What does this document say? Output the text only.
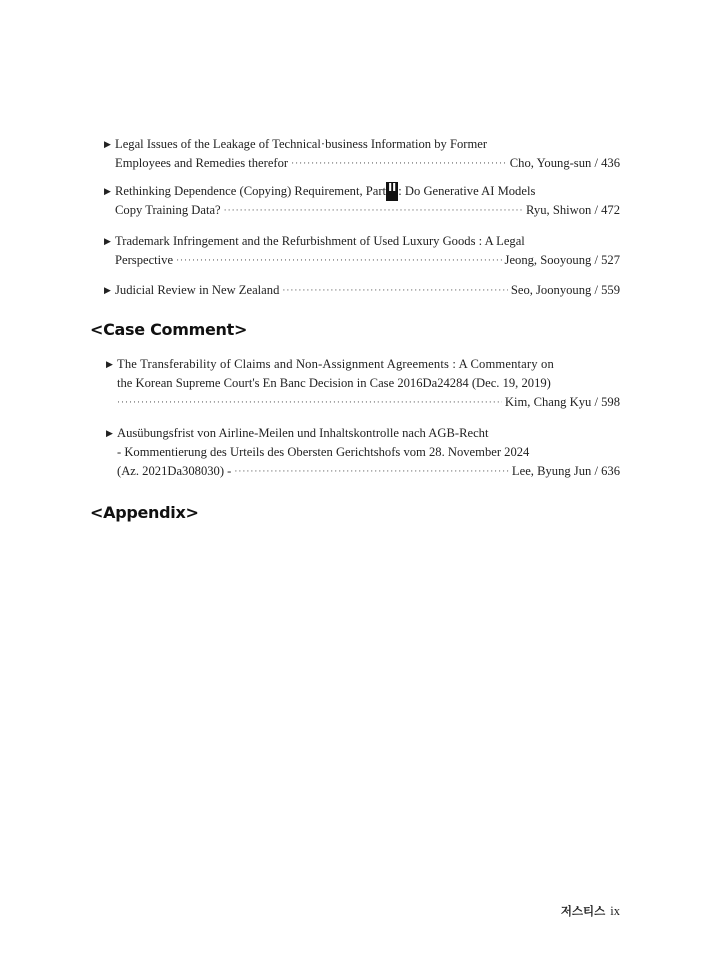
▶ Legal Issues of the Leakage of Technical·business Information by Former
Employees and Remedies therefor ·····	Cho, Young-sun / 436
▶ Rethinking Dependence (Copying) Requirement, Part II : Do Generative AI Models
Copy Training Data? ·····	Ryu, Shiwon / 472
▶ Trademark Infringement and the Refurbishment of Used Luxury Goods : A Legal
Perspective ·····	Jeong, Sooyoung / 527
▶ Judicial Review in New Zealand ·····	Seo, Joonyoung / 559
<Case Comment>
▶ The Transferability of Claims and Non-Assignment Agreements : A Commentary on
the Korean Supreme Court's En Banc Decision in Case 2016Da24284 (Dec. 19, 2019)
·····
Kim, Chang Kyu / 598
▶ Ausübungsfrist von Airline-Meilen und Inhaltskontrolle nach AGB-Recht
- Kommentierung des Urteils des Obersten Gerichtshofs vom 28. November 2024
(Az. 2021Da308030) - ·····	Lee, Byung Jun / 636
<Appendix>
저스티스 ix
